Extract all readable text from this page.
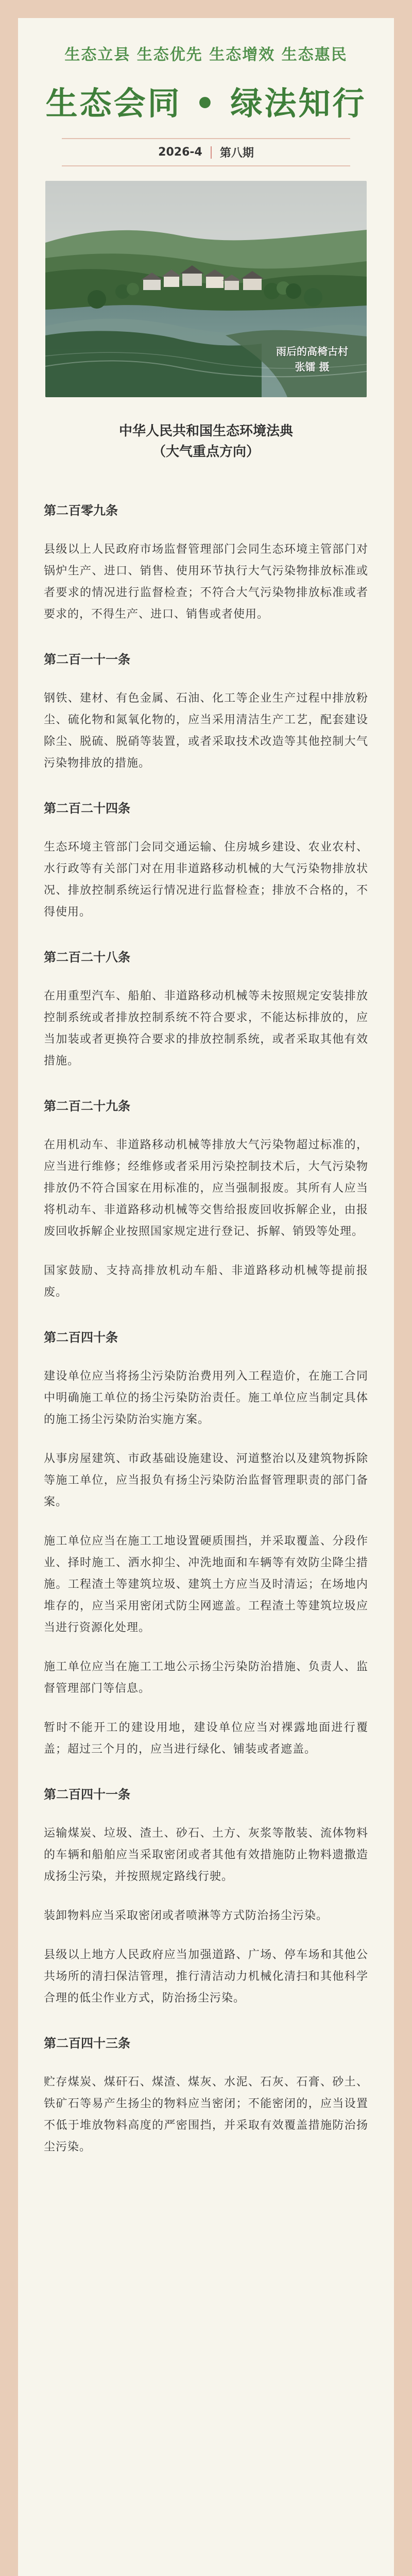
生态立县 生态优先 生态增效 生态惠民
生态会同 • 绿法知行
2026-4 第八期
雨后的高椅古村
张镭 摄
中华人民共和国生态环境法典
（大气重点方向）
第二百零九条

县级以上人民政府市场监督管理部门会同生态环境主管部门对锅炉生产、进口、销售、使用环节执行大气污染物排放标准或者要求的情况进行监督检查；不符合大气污染物排放标准或者要求的，不得生产、进口、销售或者使用。

第二百一十一条

钢铁、建材、有色金属、石油、化工等企业生产过程中排放粉尘、硫化物和氮氧化物的，应当采用清洁生产工艺，配套建设除尘、脱硫、脱硝等装置，或者采取技术改造等其他控制大气污染物排放的措施。

第二百二十四条

生态环境主管部门会同交通运输、住房城乡建设、农业农村、水行政等有关部门对在用非道路移动机械的大气污染物排放状况、排放控制系统运行情况进行监督检查；排放不合格的，不得使用。

第二百二十八条

在用重型汽车、船舶、非道路移动机械等未按照规定安装排放控制系统或者排放控制系统不符合要求，不能达标排放的，应当加装或者更换符合要求的排放控制系统，或者采取其他有效措施。

第二百二十九条

在用机动车、非道路移动机械等排放大气污染物超过标准的，应当进行维修；经维修或者采用污染控制技术后，大气污染物排放仍不符合国家在用标准的，应当强制报废。其所有人应当将机动车、非道路移动机械等交售给报废回收拆解企业，由报废回收拆解企业按照国家规定进行登记、拆解、销毁等处理。

国家鼓励、支持高排放机动车船、非道路移动机械等提前报废。

第二百四十条

建设单位应当将扬尘污染防治费用列入工程造价，在施工合同中明确施工单位的扬尘污染防治责任。施工单位应当制定具体的施工扬尘污染防治实施方案。

从事房屋建筑、市政基础设施建设、河道整治以及建筑物拆除等施工单位，应当报负有扬尘污染防治监督管理职责的部门备案。

施工单位应当在施工工地设置硬质围挡，并采取覆盖、分段作业、择时施工、洒水抑尘、冲洗地面和车辆等有效防尘降尘措施。工程渣土等建筑垃圾、建筑土方应当及时清运；在场地内堆存的，应当采用密闭式防尘网遮盖。工程渣土等建筑垃圾应当进行资源化处理。

施工单位应当在施工工地公示扬尘污染防治措施、负责人、监督管理部门等信息。

暂时不能开工的建设用地，建设单位应当对裸露地面进行覆盖；超过三个月的，应当进行绿化、铺装或者遮盖。

第二百四十一条

运输煤炭、垃圾、渣土、砂石、土方、灰浆等散装、流体物料的车辆和船舶应当采取密闭或者其他有效措施防止物料遗撒造成扬尘污染，并按照规定路线行驶。

装卸物料应当采取密闭或者喷淋等方式防治扬尘污染。

县级以上地方人民政府应当加强道路、广场、停车场和其他公共场所的清扫保洁管理，推行清洁动力机械化清扫和其他科学合理的低尘作业方式，防治扬尘污染。

第二百四十三条

贮存煤炭、煤矸石、煤渣、煤灰、水泥、石灰、石膏、砂土、铁矿石等易产生扬尘的物料应当密闭；不能密闭的，应当设置不低于堆放物料高度的严密围挡，并采取有效覆盖措施防治扬尘污染。
